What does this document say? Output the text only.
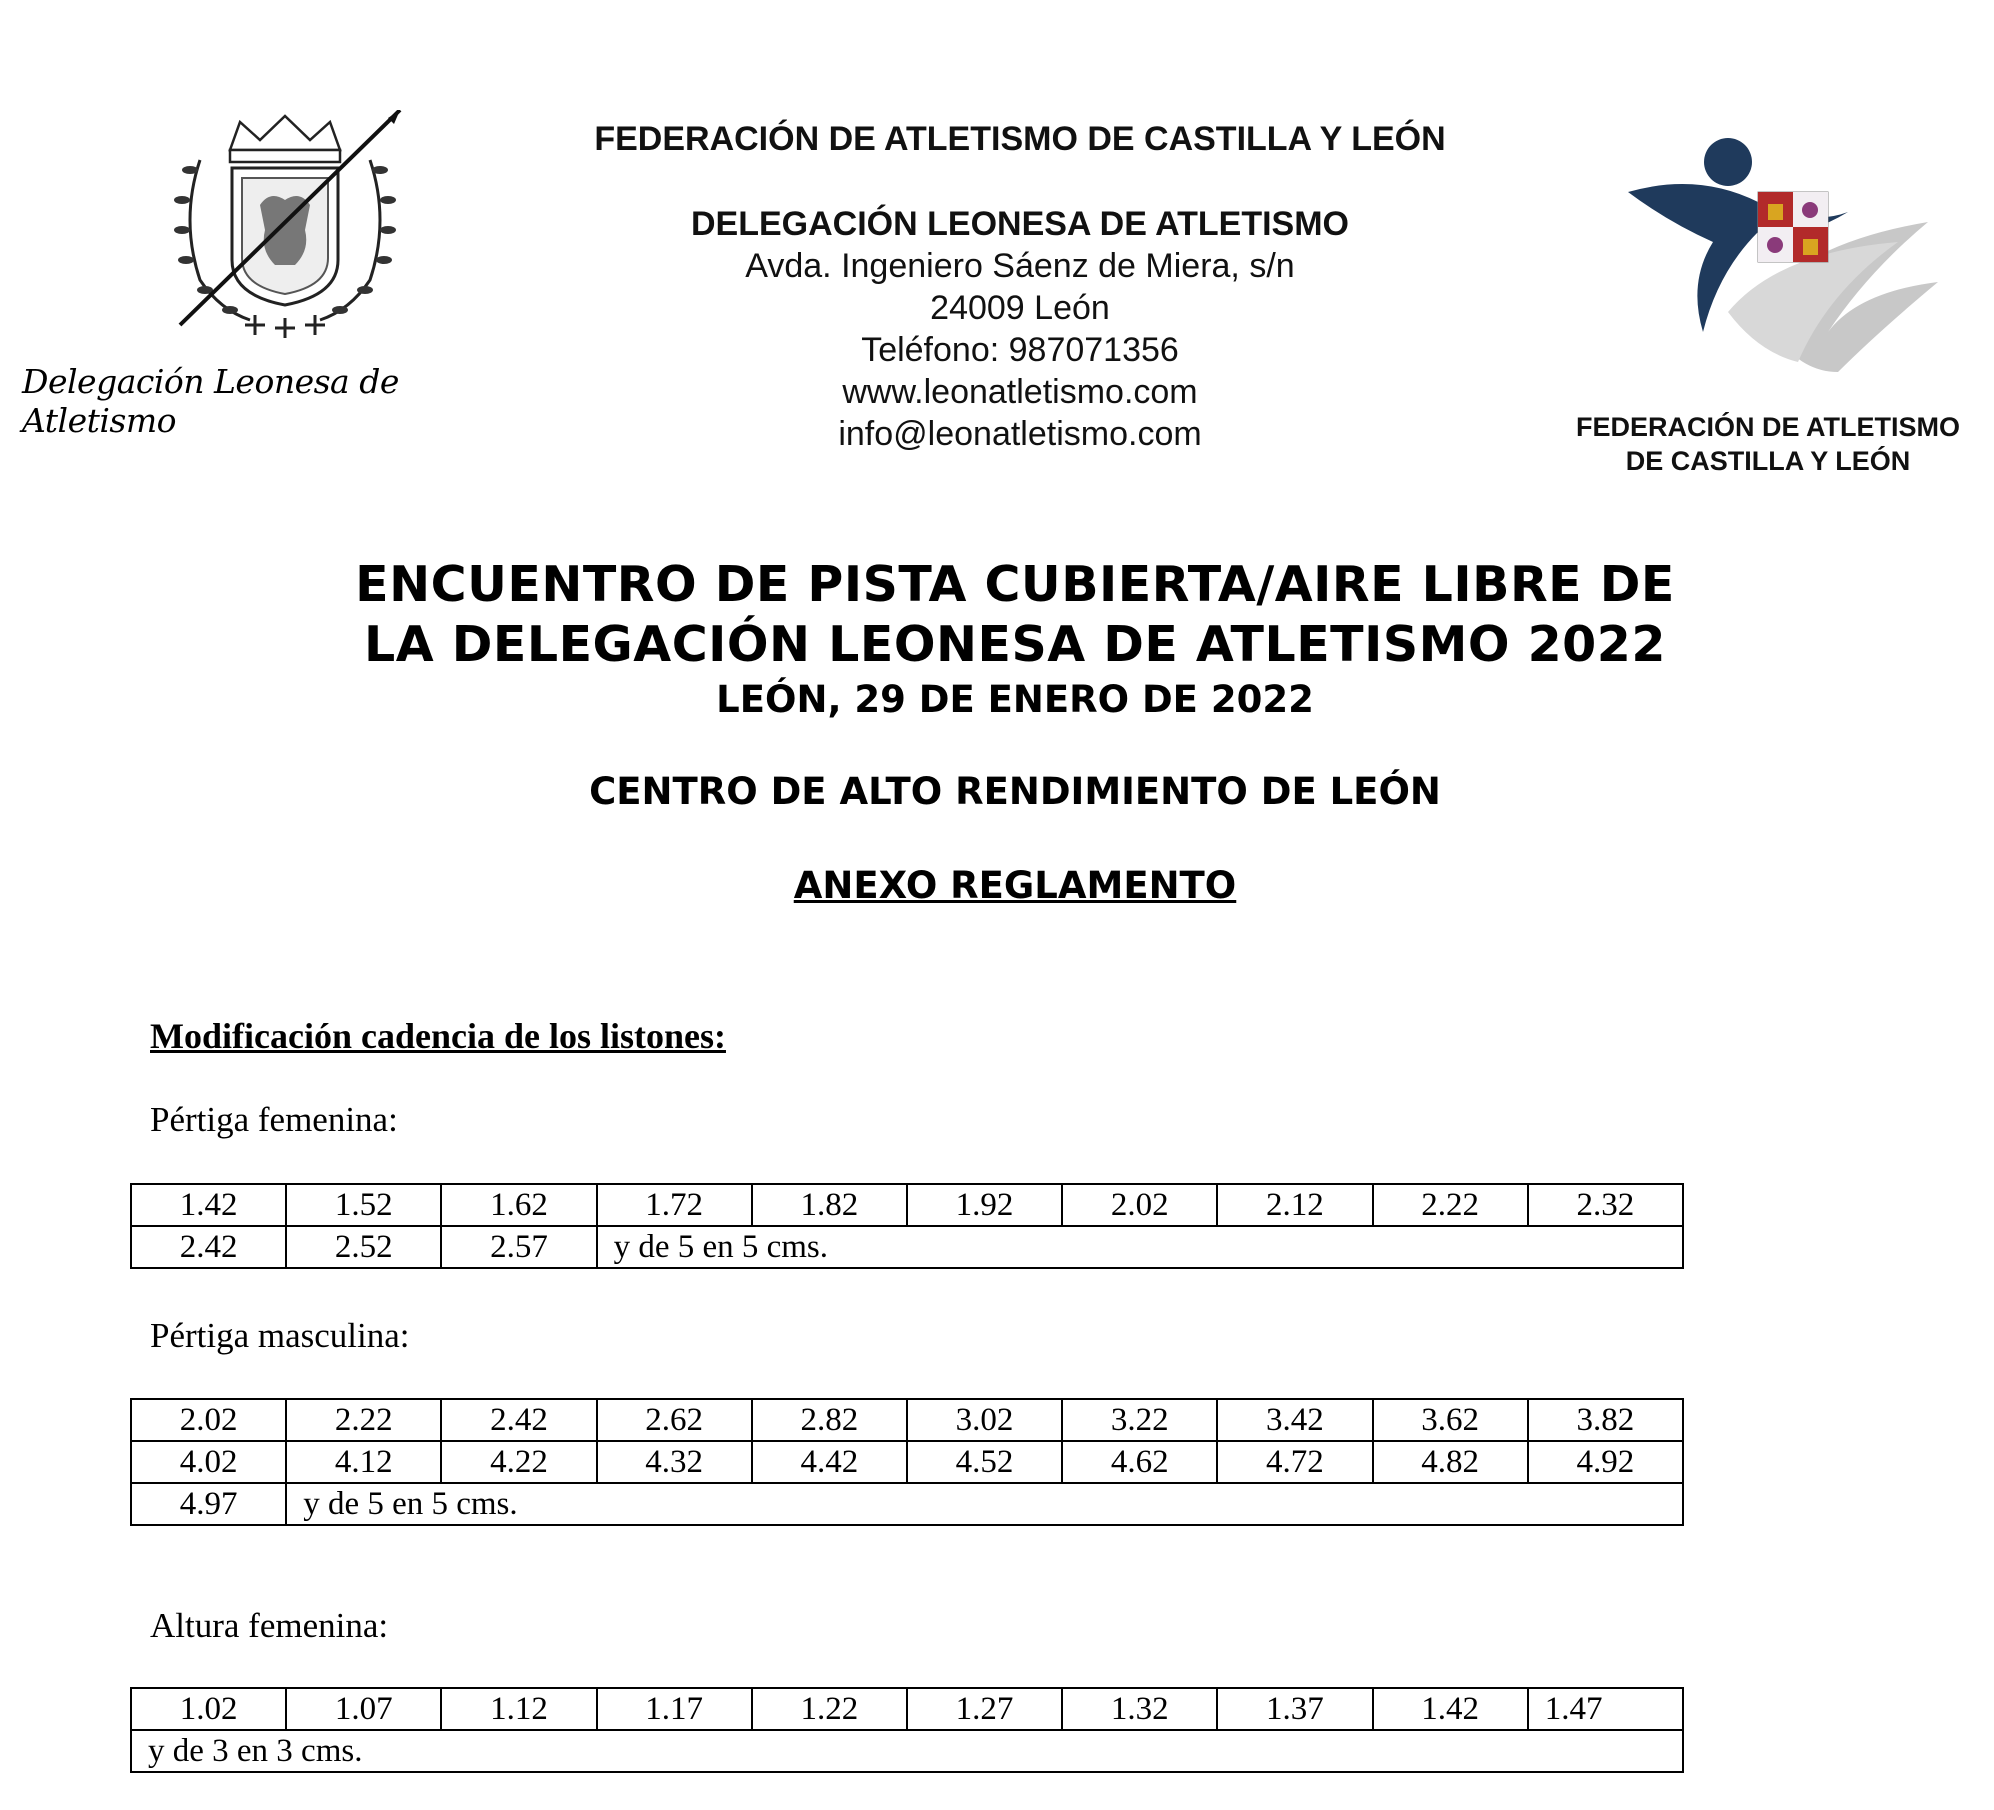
Delegación Leonesa de Atletismo
FEDERACIÓN DE ATLETISMO DE CASTILLA Y LEÓN
DELEGACIÓN LEONESA DE ATLETISMO
Avda. Ingeniero Sáenz de Miera, s/n
24009 León
Teléfono: 987071356
www.leonatletismo.com
info@leonatletismo.com	FEDERACIÓN DE ATLETISMO
DE CASTILLA Y LEÓN
ENCUENTRO DE PISTA CUBIERTA/AIRE LIBRE DE
LA DELEGACIÓN LEONESA DE ATLETISMO 2022
LEÓN, 29 DE ENERO DE 2022
CENTRO DE ALTO RENDIMIENTO DE LEÓN
ANEXO REGLAMENTO
Modificación cadencia de los listones:
Pértiga femenina:
1.42	1.52	1.62	1.72	1.82	1.92	2.02	2.12	2.22	2.32
2.42	2.52	2.57	y de 5 en 5 cms.						
Pértiga masculina:
2.02	2.22	2.42	2.62	2.82	3.02	3.22	3.42	3.62	3.82
4.02	4.12	4.22	4.32	4.42	4.52	4.62	4.72	4.82	4.92
4.97	y de 5 en 5 cms.								
Altura femenina:
1.02	1.07	1.12	1.17	1.22	1.27	1.32	1.37	1.42	1.47
y de 3 en 3 cms.
